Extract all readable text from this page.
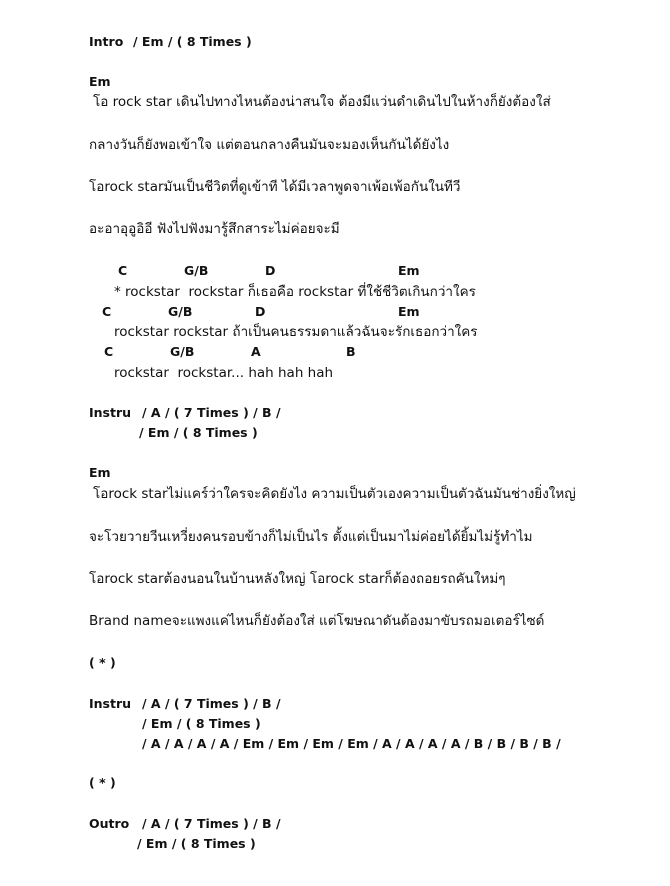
Intro / Em / ( 8 Times )
Em
โอ rock star เดินไปทางไหนต้องน่าสนใจ ต้องมีแว่นดำเดินไปในห้างก็ยังต้องใส่
กลางวันก็ยังพอเข้าใจ แต่ตอนกลางคืนมันจะมองเห็นกันได้ยังไง
โอrock starมันเป็นชีวิตที่ดูเข้าที ได้มีเวลาพูดจาเพ้อเพ้อกันในทีวี
อะอาอุอูอิอี ฟังไปฟังมารู้สึกสาระไม่ค่อยจะมี
C	G/B	D	Em
* rockstar  rockstar ก็เธอคือ rockstar ที่ใช้ชีวิตเกินกว่าใคร
C	G/B	D	Em
rockstar rockstar ถ้าเป็นคนธรรมดาแล้วฉันจะรักเธอกว่าใคร
C	G/B	A	B
rockstar  rockstar... hah hah hah
Instru / A / ( 7 Times ) / B /
/ Em / ( 8 Times )
Em
โอrock starไม่แคร์ว่าใครจะคิดยังไง ความเป็นตัวเองความเป็นตัวฉันมันช่างยิ่งใหญ่
จะโวยวายวีนเหวี่ยงคนรอบข้างก็ไม่เป็นไร ตั้งแต่เป็นมาไม่ค่อยได้ยิ้มไม่รู้ทำไม
โอrock starต้องนอนในบ้านหลังใหญ่ โอrock starก็ต้องถอยรถคันใหม่ๆ
Brand nameจะแพงแค่ไหนก็ยังต้องใส่ แต่โฆษณาดันต้องมาขับรถมอเตอร์ไซด์
( * )
Instru / A / ( 7 Times ) / B /
/ Em / ( 8 Times )
/ A / A / A / A / Em / Em / Em / Em / A / A / A / A / B / B / B / B /
( * )
Outro / A / ( 7 Times ) / B /
/ Em / ( 8 Times )
